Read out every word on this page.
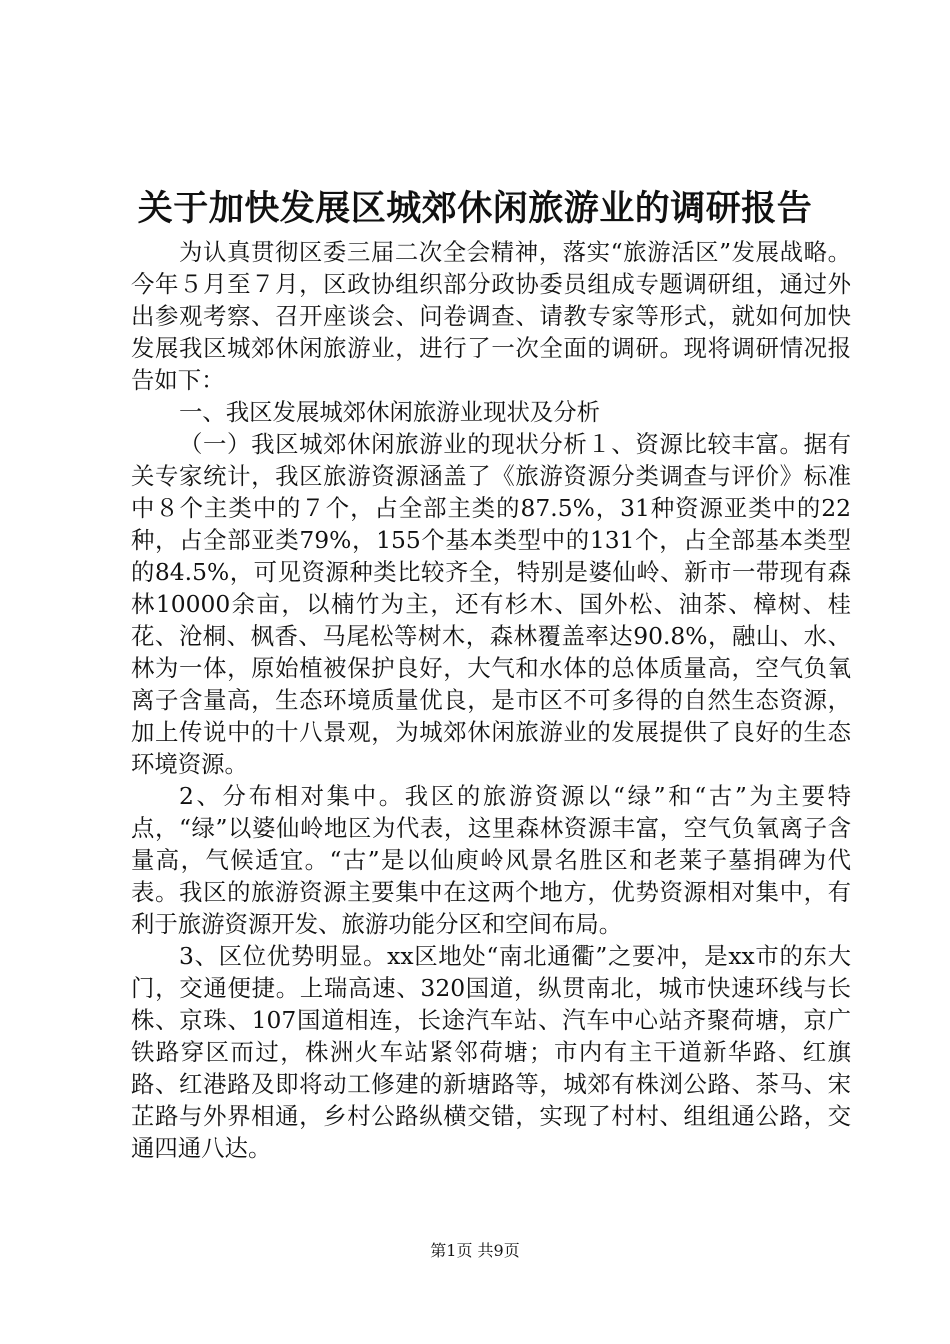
关于加快发展区城郊休闲旅游业的调研报告

为认真贯彻区委三届二次全会精神，落实“旅游活区”发展战略。今年５月至７月，区政协组织部分政协委员组成专题调研组，通过外出参观考察、召开座谈会、问卷调查、请教专家等形式，就如何加快发展我区城郊休闲旅游业，进行了一次全面的调研。现将调研情况报告如下：

一、我区发展城郊休闲旅游业现状及分析

（一）我区城郊休闲旅游业的现状分析１、资源比较丰富。据有关专家统计，我区旅游资源涵盖了《旅游资源分类调查与评价》标准中８个主类中的７个，占全部主类的87.5%，31种资源亚类中的22种，占全部亚类79%，155个基本类型中的131个，占全部基本类型的84.5%，可见资源种类比较齐全，特别是婆仙岭、新市一带现有森林10000余亩，以楠竹为主，还有杉木、国外松、油茶、樟树、桂花、沧桐、枫香、马尾松等树木，森林覆盖率达90.8%，融山、水、林为一体，原始植被保护良好，大气和水体的总体质量高，空气负氧离子含量高，生态环境质量优良，是市区不可多得的自然生态资源，加上传说中的十八景观，为城郊休闲旅游业的发展提供了良好的生态环境资源。

2、分布相对集中。我区的旅游资源以“绿”和“古”为主要特点，“绿”以婆仙岭地区为代表，这里森林资源丰富，空气负氧离子含量高，气候适宜。“古”是以仙庾岭风景名胜区和老莱子墓捐碑为代表。我区的旅游资源主要集中在这两个地方，优势资源相对集中，有利于旅游资源开发、旅游功能分区和空间布局。

3、区位优势明显。xx区地处“南北通衢”之要冲，是xx市的东大门，交通便捷。上瑞高速、320国道，纵贯南北，城市快速环线与长株、京珠、107国道相连，长途汽车站、汽车中心站齐聚荷塘，京广铁路穿区而过，株洲火车站紧邻荷塘；市内有主干道新华路、红旗路、红港路及即将动工修建的新塘路等，城郊有株浏公路、茶马、宋芷路与外界相通，乡村公路纵横交错，实现了村村、组组通公路，交通四通八达。

第1页 共9页
